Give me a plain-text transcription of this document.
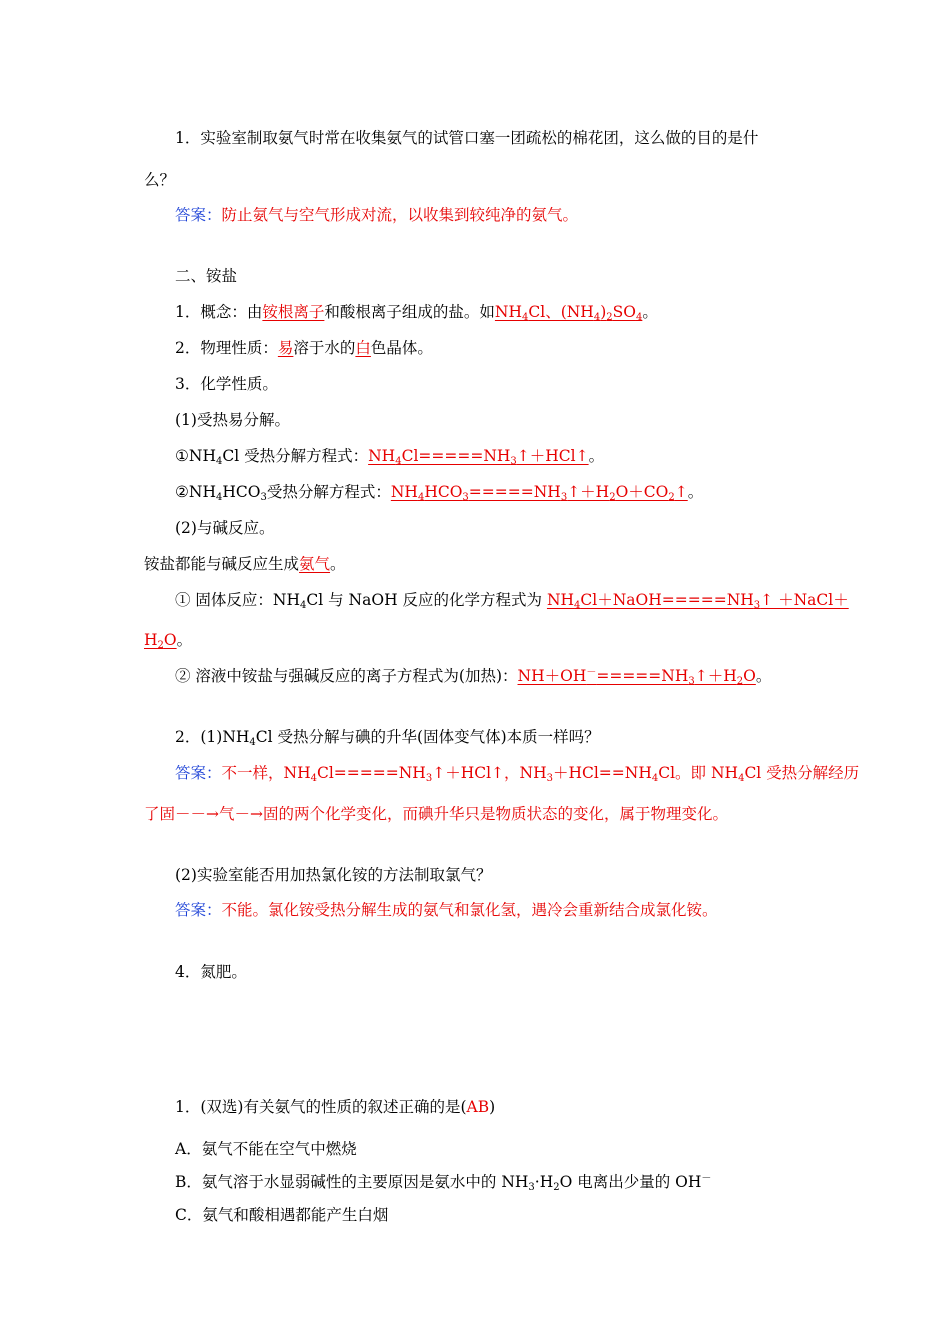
1．实验室制取氨气时常在收集氨气的试管口塞一团疏松的棉花团，这么做的目的是什
么？
答案：防止氨气与空气形成对流，以收集到较纯净的氨气。
二、铵盐
1．概念：由铵根离子和酸根离子组成的盐。如$NH_4Cl$、$(NH_4)_2SO_4$。
2．物理性质：易溶于水的白色晶体。
3．化学性质。
(1)受热易分解。
$①NH_4Cl$ 受热分解方程式：$NH_4Cl=====NH_3↑+HCl↑$。
$②NH_4HCO_3$受热分解方程式：$NH_4HCO_3=====NH_3↑+H_2O+CO_2↑$。
(2)与碱反应。
铵盐都能与碱反应生成氨气。
① 固体反应：$NH_4Cl$ 与 NaOH 反应的化学方程式为 $NH_4Cl+NaOH=====NH_3↑$ ＋NaCl＋
$H_2O$。
② 溶液中铵盐与强碱反应的离子方程式为(加热)：$NH+OH^-=====NH_3↑+H_2O$。
2．$(1)NH_4Cl$ 受热分解与碘的升华(固体变气体)本质一样吗？
答案：不一样，$NH_4Cl=====NH_3↑+HCl↑$，$NH_3+HCl==NH_4Cl$。即 $NH_4Cl$ 受热分解经历
了固－－→气－→固的两个化学变化，而碘升华只是物质状态的变化，属于物理变化。
(2)实验室能否用加热氯化铵的方法制取氯气？
答案：不能。氯化铵受热分解生成的氨气和氯化氢，遇冷会重新结合成氯化铵。
4．氮肥。
1．(双选)有关氨气的性质的叙述正确的是(AB)
A．氨气不能在空气中燃烧
B．氨气溶于水显弱碱性的主要原因是氨水中的 $NH_3\cdot H_2O$ 电离出少量的 OH－
C．氨气和酸相遇都能产生白烟
